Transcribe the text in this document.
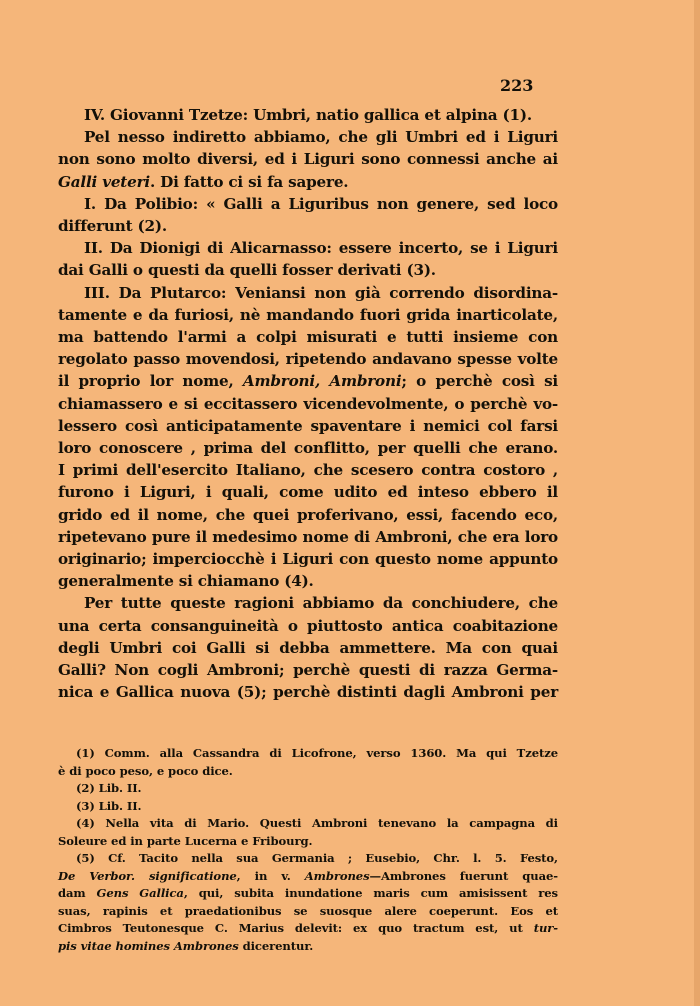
223

IV. Giovanni Tzetze: Umbri, natio gallica et alpina (1).

Pel nesso indiretto abbiamo, che gli Umbri ed i Liguri

non sono molto diversi, ed i Liguri sono connessi anche ai

Galli veteri. Di fatto ci si fa sapere.

I. Da Polibio: « Galli a Liguribus non genere, sed loco

differunt (2).

II. Da Dionigi di Alicarnasso: essere incerto, se i Liguri

dai Galli o questi da quelli fosser derivati (3).

III. Da Plutarco: Veniansi non già correndo disordina-

tamente e da furiosi, nè mandando fuori grida inarticolate,

ma battendo l'armi a colpi misurati e tutti insieme con

regolato passo movendosi, ripetendo andavano spesse volte

il proprio lor nome, Ambroni, Ambroni; o perchè così si

chiamassero e si eccitassero vicendevolmente, o perchè vo-

lessero così anticipatamente spaventare i nemici col farsi

loro conoscere , prima del conflitto, per quelli che erano.

I primi dell'esercito Italiano, che scesero contra costoro ,

furono i Liguri, i quali, come udito ed inteso ebbero il

grido ed il nome, che quei proferivano, essi, facendo eco,

ripetevano pure il medesimo nome di Ambroni, che era loro

originario; imperciocchè i Liguri con questo nome appunto

generalmente si chiamano (4).

Per tutte queste ragioni abbiamo da conchiudere, che

una certa consanguineità o piuttosto antica coabitazione

degli Umbri coi Galli si debba ammettere. Ma con quai

Galli? Non cogli Ambroni; perchè questi di razza Germa-

nica e Gallica nuova (5); perchè distinti dagli Ambroni per

(1) Comm. alla Cassandra di Licofrone, verso 1360. Ma qui Tzetze

è di poco peso, e poco dice.

(2) Lib. II.

(3) Lib. II.

(4) Nella vita di Mario. Questi Ambroni tenevano la campagna di

Soleure ed in parte Lucerna e Fribourg.

(5) Cf. Tacito nella sua Germania ; Eusebio, Chr. l. 5. Festo,

De Verbor. significatione, in v. Ambrones—Ambrones fuerunt quae-

dam Gens Gallica, qui, subita inundatione maris cum amisissent res

suas, rapinis et praedationibus se suosque alere coeperunt. Eos et

Cimbros Teutonesque C. Marius delevit: ex quo tractum est, ut tur-

pis vitae homines Ambrones dicerentur.
